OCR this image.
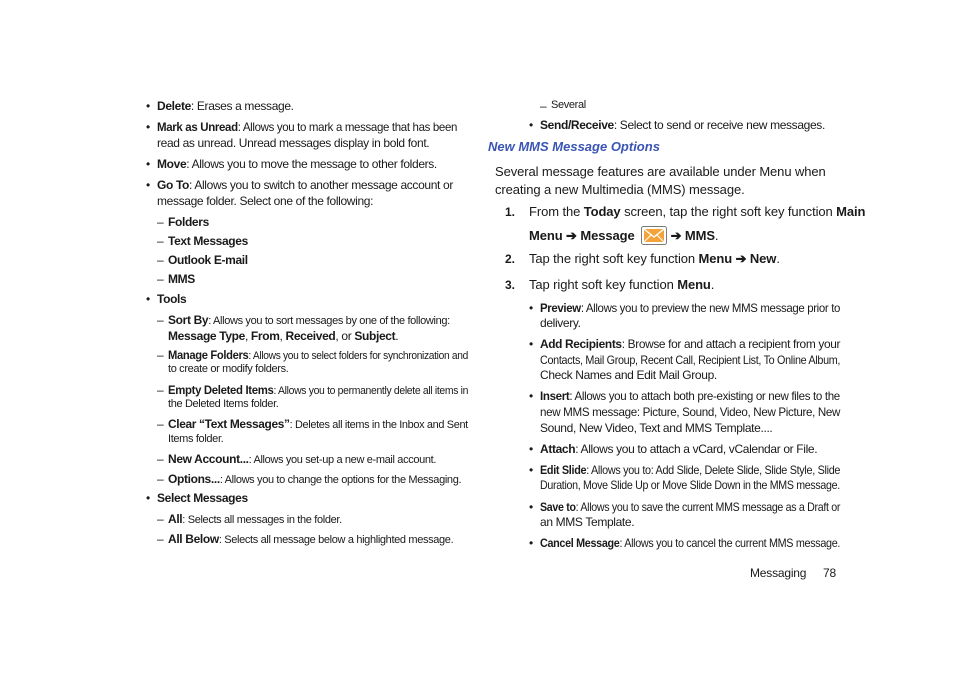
• Delete: Erases a message.
• Mark as Unread: Allows you to mark a message that has been
read as unread. Unread messages display in bold font.
• Move: Allows you to move the message to other folders.
• Go To: Allows you to switch to another message account or
message folder. Select one of the following:
– Folders
– Text Messages
– Outlook E-mail
– MMS
• Tools
– Sort By: Allows you to sort messages by one of the following:
Message Type, From, Received, or Subject.
– Manage Folders: Allows you to select folders for synchronization and
to create or modify folders.
– Empty Deleted Items: Allows you to permanently delete all items in
the Deleted Items folder.
– Clear “Text Messages”: Deletes all items in the Inbox and Sent
Items folder.
– New Account...: Allows you set-up a new e-mail account.
– Options...: Allows you to change the options for the Messaging.
• Select Messages
– All: Selects all messages in the folder.
– All Below: Selects all message below a highlighted message.
– Several
• Send/Receive: Select to send or receive new messages.
New MMS Message Options
Several message features are available under Menu when
creating a new Multimedia (MMS) message.
1. From the Today screen, tap the right soft key function Main
Menu ➔ Message	➔ MMS.
2. Tap the right soft key function Menu ➔ New.
3. Tap right soft key function Menu.
• Preview: Allows you to preview the new MMS message prior to
delivery.
• Add Recipients: Browse for and attach a recipient from your
Contacts, Mail Group, Recent Call, Recipient List, To Online Album,
Check Names and Edit Mail Group.
• Insert: Allows you to attach both pre-existing or new files to the
new MMS message: Picture, Sound, Video, New Picture, New
Sound, New Video, Text and MMS Template....
• Attach: Allows you to attach a vCard, vCalendar or File.
• Edit Slide: Allows you to: Add Slide, Delete Slide, Slide Style, Slide
Duration, Move Slide Up or Move Slide Down in the MMS message.
• Save to: Allows you to save the current MMS message as a Draft or
an MMS Template.
• Cancel Message: Allows you to cancel the current MMS message.
Messaging 78
